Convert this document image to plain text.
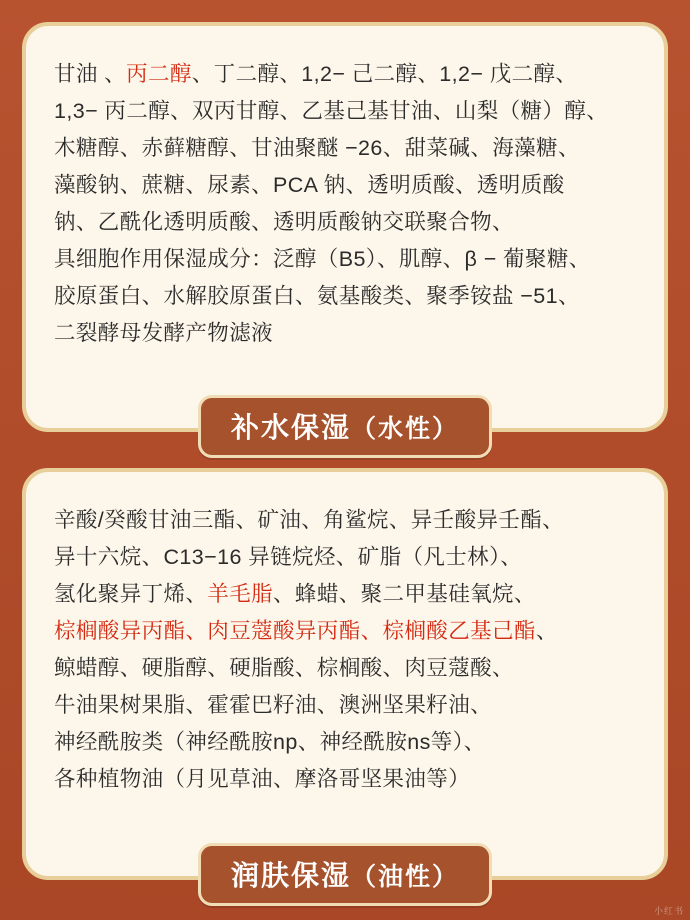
甘油 、丙二醇、丁二醇、1,2− 己二醇、1,2− 戊二醇、
1,3− 丙二醇、双丙甘醇、乙基己基甘油、山梨（糖）醇、
木糖醇、赤藓糖醇、甘油聚醚 −26、甜菜碱、海藻糖、
藻酸钠、蔗糖、尿素、PCA 钠、透明质酸、透明质酸
钠、乙酰化透明质酸、透明质酸钠交联聚合物、
具细胞作用保湿成分：泛醇（B5）、肌醇、β − 葡聚糖、
胶原蛋白、水解胶原蛋白、氨基酸类、聚季铵盐 −51、
二裂酵母发酵产物滤液
补水保湿（水性）
辛酸/癸酸甘油三酯、矿油、角鲨烷、异壬酸异壬酯、
异十六烷、C13−16 异链烷烃、矿脂（凡士林）、
氢化聚异丁烯、羊毛脂、蜂蜡、聚二甲基硅氧烷、
棕榈酸异丙酯、肉豆蔻酸异丙酯、棕榈酸乙基己酯、
鲸蜡醇、硬脂醇、硬脂酸、棕榈酸、肉豆蔻酸、
牛油果树果脂、霍霍巴籽油、澳洲坚果籽油、
神经酰胺类（神经酰胺np、神经酰胺ns等）、
各种植物油（月见草油、摩洛哥坚果油等）
润肤保湿（油性）
小红书
